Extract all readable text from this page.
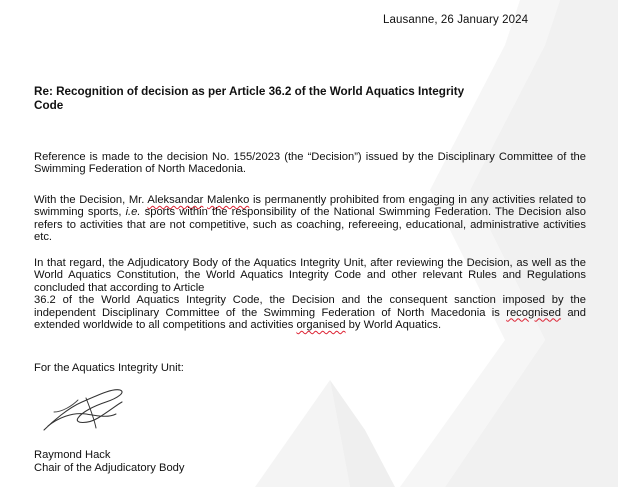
Lausanne, 26 January 2024
Re: Recognition of decision as per Article 36.2 of the World Aquatics Integrity
Code
Reference is made to the decision No. 155/2023 (the “Decision”) issued by the Disciplinary Committee of the Swimming Federation of North Macedonia.
With the Decision, Mr. Aleksandar Malenko is permanently prohibited from engaging in any activities related to swimming sports, i.e. sports within the responsibility of the National Swimming Federation. The Decision also refers to activities that are not competitive, such as coaching, refereeing, educational, administrative activities etc.
In that regard, the Adjudicatory Body of the Aquatics Integrity Unit, after reviewing the Decision, as well as the World Aquatics Constitution, the World Aquatics Integrity Code and other relevant Rules and Regulations concluded that according to Article
36.2 of the World Aquatics Integrity Code, the Decision and the consequent sanction imposed by the independent Disciplinary Committee of the Swimming Federation of North Macedonia is recognised and extended worldwide to all competitions and activities organised by World Aquatics.
For the Aquatics Integrity Unit:
Raymond Hack
Chair of the Adjudicatory Body
